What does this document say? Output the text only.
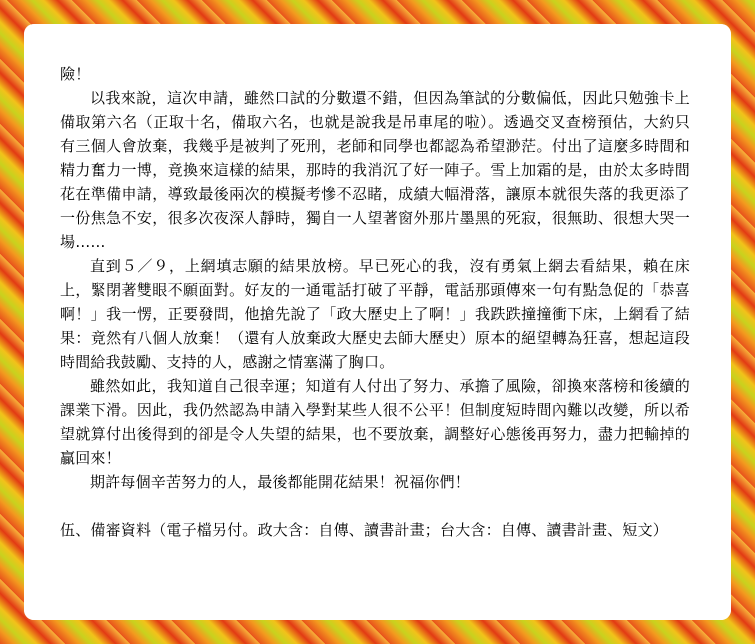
險！

以我來說，這次申請，雖然口試的分數還不錯，但因為筆試的分數偏低，因此只勉強卡上備取第六名（正取十名，備取六名，也就是說我是吊車尾的啦）。透過交叉查榜預估，大約只有三個人會放棄，我幾乎是被判了死刑，老師和同學也都認為希望渺茫。付出了這麼多時間和精力奮力一博，竟換來這樣的結果，那時的我消沉了好一陣子。雪上加霜的是，由於太多時間花在準備申請，導致最後兩次的模擬考慘不忍睹，成績大幅滑落，讓原本就很失落的我更添了一份焦急不安，很多次夜深人靜時，獨自一人望著窗外那片墨黑的死寂，很無助、很想大哭一場……

直到５／９，上網填志願的結果放榜。早已死心的我，沒有勇氣上網去看結果，賴在床上，緊閉著雙眼不願面對。好友的一通電話打破了平靜，電話那頭傳來一句有點急促的「恭喜啊！」我一愣，正要發問，他搶先說了「政大歷史上了啊！」我跌跌撞撞衝下床，上網看了結果：竟然有八個人放棄！（還有人放棄政大歷史去師大歷史）原本的絕望轉為狂喜，想起這段時間給我鼓勵、支持的人，感謝之情塞滿了胸口。

雖然如此，我知道自己很幸運；知道有人付出了努力、承擔了風險，卻換來落榜和後續的課業下滑。因此，我仍然認為申請入學對某些人很不公平！但制度短時間內難以改變，所以希望就算付出後得到的卻是令人失望的結果，也不要放棄，調整好心態後再努力，盡力把輸掉的贏回來！

期許每個辛苦努力的人，最後都能開花結果！祝福你們！

伍、備審資料（電子檔另付。政大含：自傳、讀書計畫；台大含：自傳、讀書計畫、短文）
